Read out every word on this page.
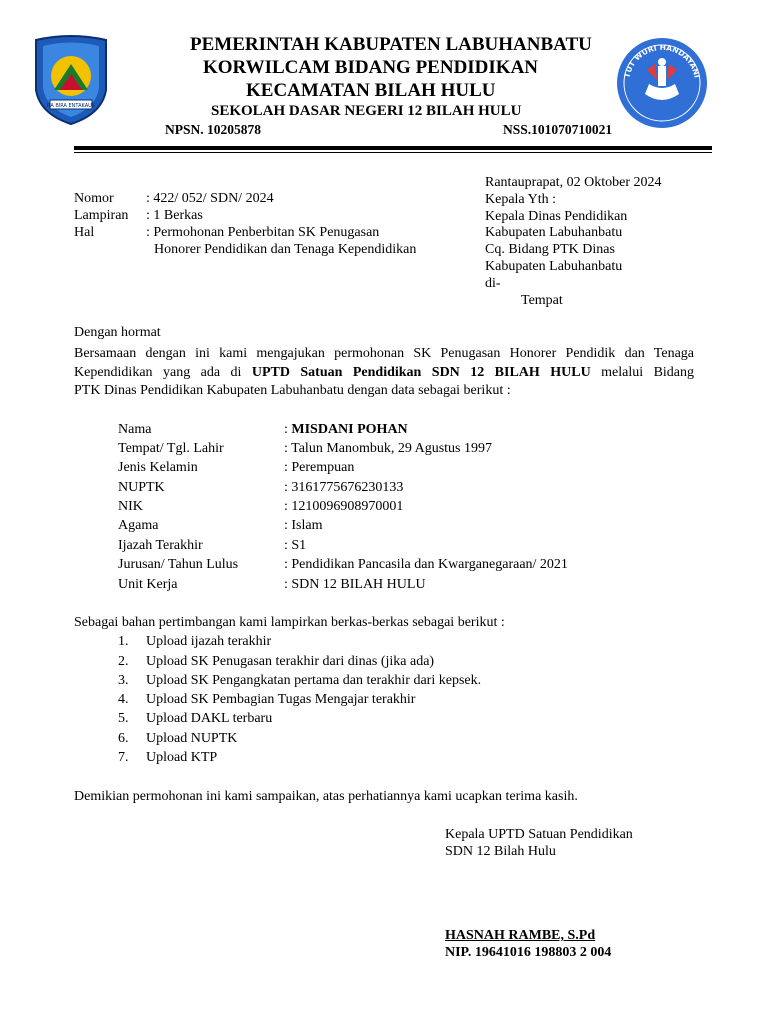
RA BIRA ENTAKAUS
TUT WURI HANDAYANI
PEMERINTAH KABUPATEN LABUHANBATU
KORWILCAM BIDANG PENDIDIKAN
KECAMATAN BILAH HULU
SEKOLAH DASAR NEGERI 12 BILAH HULU
NPSN. 10205878	NSS.101070710021
Nomor : 422/ 052/ SDN/ 2024
Lampiran : 1 Berkas
Hal	: Permohonan Penberbitan SK Penugasan
Honorer Pendidikan dan Tenaga Kependidikan
Rantauprapat, 02 Oktober 2024
Kepala Yth :
Kepala Dinas Pendidikan
Kabupaten Labuhanbatu
Cq. Bidang PTK Dinas
Kabupaten Labuhanbatu
di-
Tempat
Dengan hormat
Bersamaan dengan ini kami mengajukan permohonan SK Penugasan Honorer Pendidik dan Tenaga
Kependidikan yang ada di UPTD Satuan Pendidikan SDN 12 BILAH HULU melalui Bidang
PTK Dinas Pendidikan Kabupaten Labuhanbatu dengan data sebagai berikut :
Nama	: MISDANI POHAN
Tempat/ Tgl. Lahir	: Talun Manombuk, 29 Agustus 1997
Jenis Kelamin	: Perempuan
NUPTK	: 3161775676230133
NIK	: 1210096908970001
Agama	: Islam
Ijazah Terakhir	: S1
Jurusan/ Tahun Lulus	: Pendidikan Pancasila dan Kwarganegaraan/ 2021
Unit Kerja	: SDN 12 BILAH HULU
Sebagai bahan pertimbangan kami lampirkan berkas-berkas sebagai berikut :
1. Upload ijazah terakhir
2. Upload SK Penugasan terakhir dari dinas (jika ada)
3. Upload SK Pengangkatan pertama dan terakhir dari kepsek.
4. Upload SK Pembagian Tugas Mengajar terakhir
5. Upload DAKL terbaru
6. Upload NUPTK
7. Upload KTP
Demikian permohonan ini kami sampaikan, atas perhatiannya kami ucapkan terima kasih.
Kepala UPTD Satuan Pendidikan
SDN 12 Bilah Hulu
HASNAH RAMBE, S.Pd
NIP. 19641016 198803 2 004
